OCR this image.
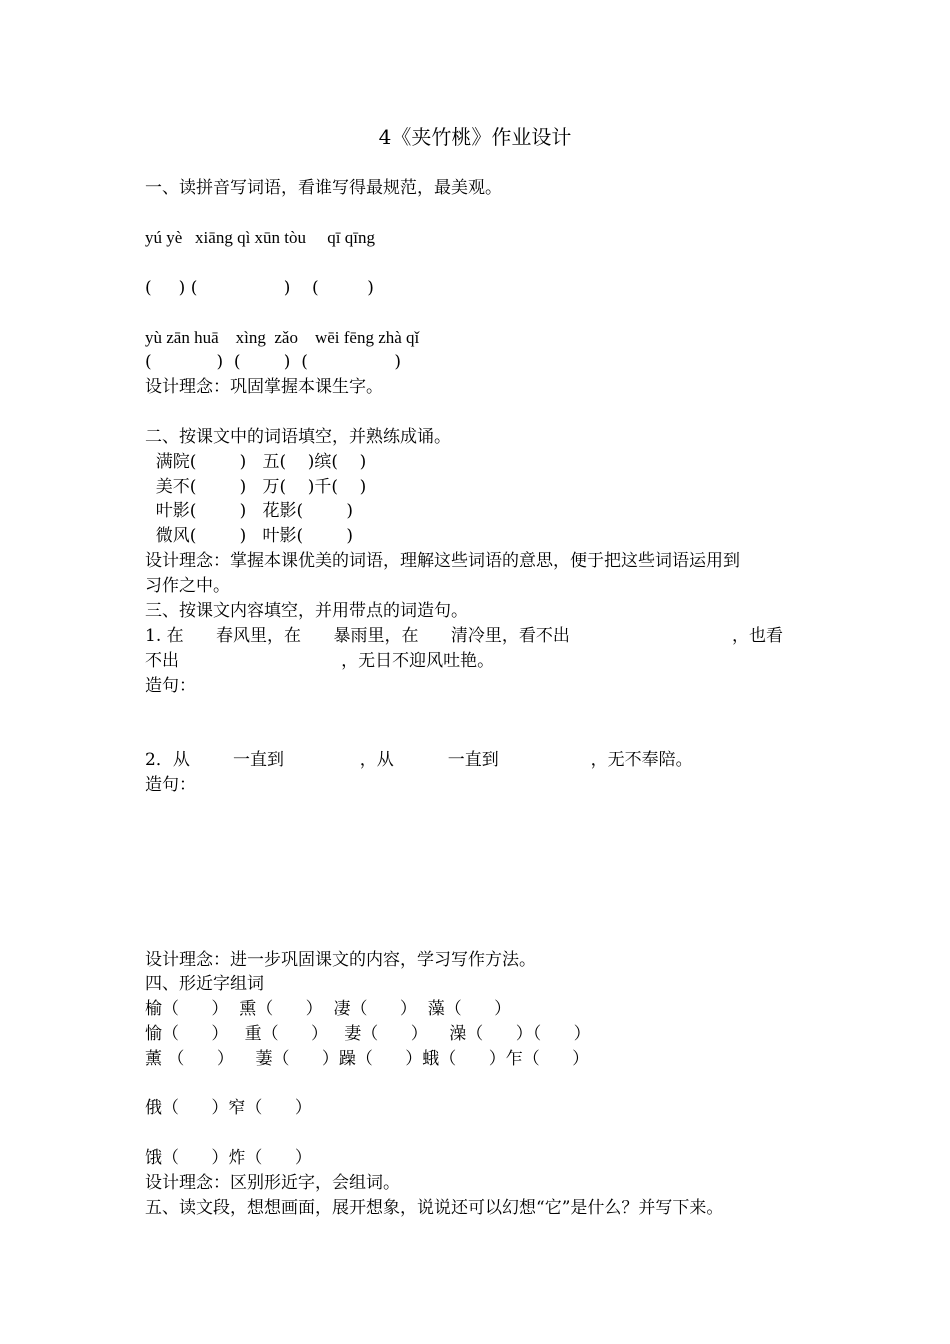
4《夹竹桃》作业设计
一、读拼音写词语，看谁写得最规范，最美观。
yú yè   xiāng qì xūn tòu     qī qīng
(     ) (                )    (         )
yù zān huā    xìng  zǎo    wēi fēng zhà qǐ
(            )  (        )  (                )
设计理念：巩固掌握本课生字。
二、按课文中的词语填空，并熟练成诵。
满院(        )   五(    )缤(    )
美不(        )   万(    )千(    )
叶影(        )   花影(        )
微风(        )   叶影(        )
设计理念：掌握本课优美的词语，理解这些词语的意思，便于把这些词语运用到
习作之中。
三、按课文内容填空，并用带点的词造句。
1. 在      春风里，在      暴雨里，在      清冷里，看不出                              ，也看
不出                              ，无日不迎风吐艳。
造句：
2．从        一直到              ，从          一直到                 ，无不奉陪。
造句：
设计理念：进一步巩固课文的内容，学习写作方法。
四、形近字组词
榆（      ）  熏（      ）  凄（      ）  藻（      ）
愉（      ）   重（      ）   妻（      ）    澡（      ）（      ）
薰 （      ）    萋（      ）躁（      ）蛾（      ）乍（      ）
俄（      ）窄（      ）
饿（      ）炸（      ）
设计理念：区别形近字，会组词。
五、读文段，想想画面，展开想象，说说还可以幻想“它”是什么？并写下来。
